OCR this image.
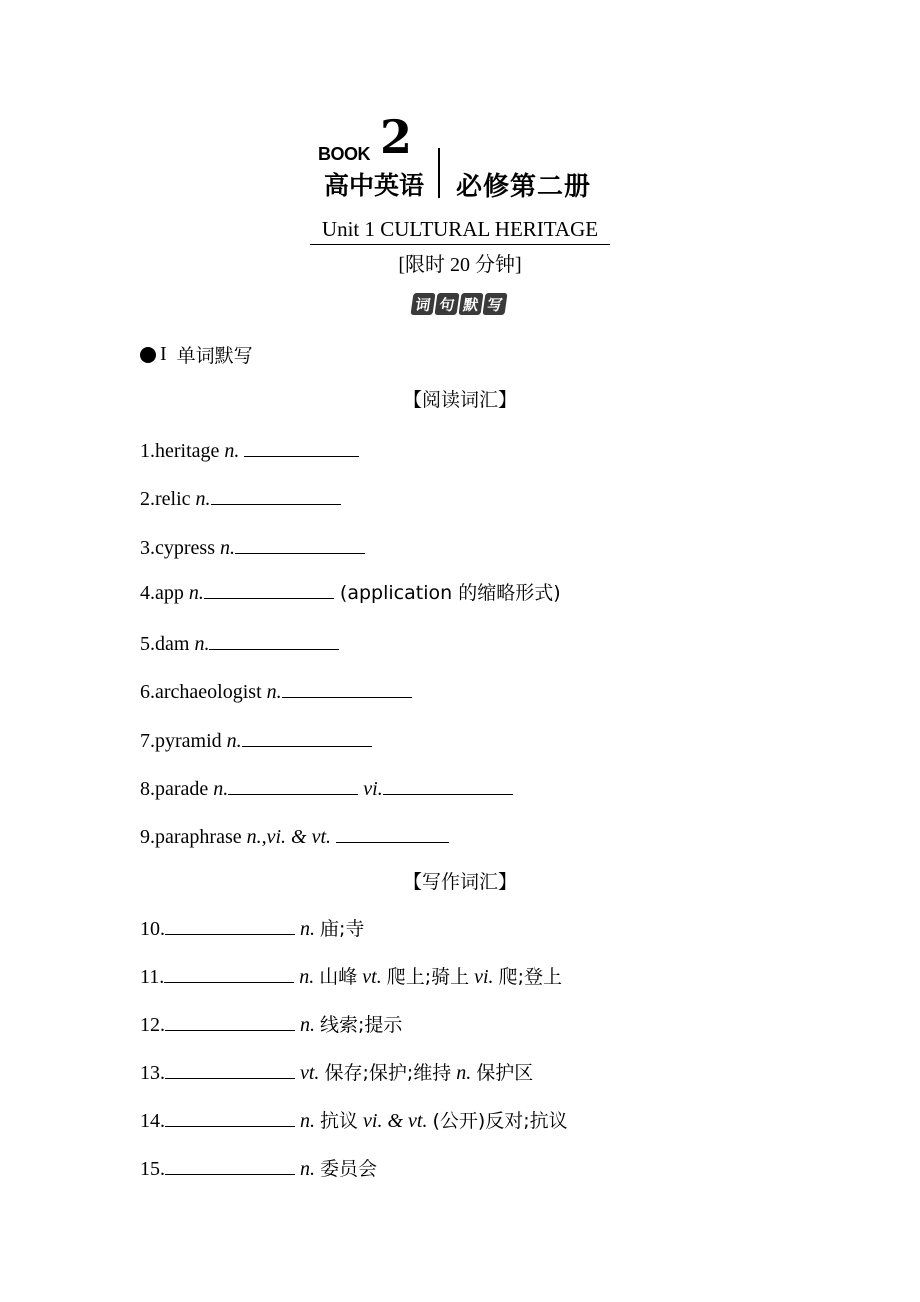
BOOK 2
高中英语 必修第二册
Unit 1 CULTURAL HERITAGE
[限时 20 分钟]
词 句 默 写
I 单词默写
【阅读词汇】
1.heritage n.
2.relic n.
3.cypress n.
4.app n.	(application 的缩略形式)
5.dam n.
6.archaeologist n.
7.pyramid n.
8.parade n.	vi.
9.paraphrase n.,vi. & vt.
【写作词汇】
10.	n. 庙;寺
11.	n. 山峰 vt. 爬上;骑上 vi. 爬;登上
12.	n. 线索;提示
13.	vt. 保存;保护;维持 n. 保护区
14.	n. 抗议 vi. & vt. (公开)反对;抗议
15.	n. 委员会
